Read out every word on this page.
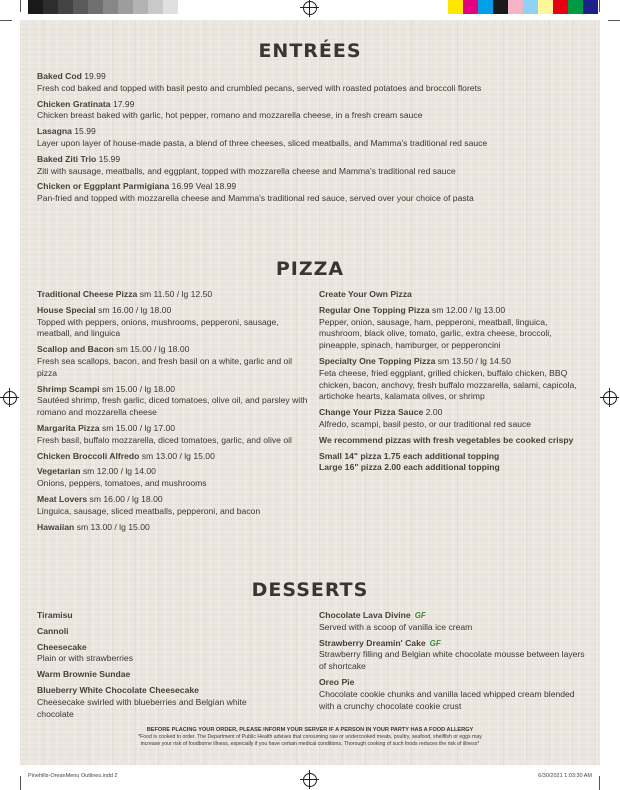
ENTRÉES
Baked Cod 19.99
Fresh cod baked and topped with basil pesto and crumbled pecans, served with roasted potatoes and broccoli florets
Chicken Gratinata 17.99
Chicken breast baked with garlic, hot pepper, romano and mozzarella cheese, in a fresh cream sauce
Lasagna 15.99
Layer upon layer of house-made pasta, a blend of three cheeses, sliced meatballs, and Mamma's traditional red sauce
Baked Ziti Trio 15.99
Ziti with sausage, meatballs, and eggplant, topped with mozzarella cheese and Mamma's traditional red sauce
Chicken or Eggplant Parmigiana 16.99 Veal 18.99
Pan-fried and topped with mozzarella cheese and Mamma's traditional red sauce, served over your choice of pasta
PIZZA
Traditional Cheese Pizza sm 11.50 / lg 12.50
House Special sm 16.00 / lg 18.00
Topped with peppers, onions, mushrooms, pepperoni, sausage, meatball, and linguica
Scallop and Bacon sm 15.00 / lg 18.00
Fresh sea scallops, bacon, and fresh basil on a white, garlic and oil pizza
Shrimp Scampi sm 15.00 / lg 18.00
Sautéed shrimp, fresh garlic, diced tomatoes, olive oil, and parsley with romano and mozzarella cheese
Margarita Pizza sm 15.00 / lg 17.00
Fresh basil, buffalo mozzarella, diced tomatoes, garlic, and olive oil
Chicken Broccoli Alfredo sm 13.00 / lg 15.00
Vegetarian sm 12.00 / lg 14.00
Onions, peppers, tomatoes, and mushrooms
Meat Lovers sm 16.00 / lg 18.00
Linguica, sausage, sliced meatballs, pepperoni, and bacon
Hawaiian sm 13.00 / lg 15.00
Create Your Own Pizza
Regular One Topping Pizza sm 12.00 / lg 13.00
Pepper, onion, sausage, ham, pepperoni, meatball, linguica, mushroom, black olive, tomato, garlic, extra cheese, broccoli, pineapple, spinach, hamburger, or pepperoncini
Specialty One Topping Pizza sm 13.50 / lg 14.50
Feta cheese, fried eggplant, grilled chicken, buffalo chicken, BBQ chicken, bacon, anchovy, fresh buffalo mozzarella, salami, capicola, artichoke hearts, kalamata olives, or shrimp
Change Your Pizza Sauce 2.00
Alfredo, scampi, basil pesto, or our traditional red sauce
We recommend pizzas with fresh vegetables be cooked crispy
Small 14" pizza 1.75 each additional topping
Large 16" pizza 2.00 each additional topping
DESSERTS
Tiramisu
Cannoli
Cheesecake
Plain or with strawberries
Warm Brownie Sundae
Blueberry White Chocolate Cheesecake
Cheesecake swirled with blueberries and Belgian white chocolate
Chocolate Lava Divine GF
Served with a scoop of vanilla ice cream
Strawberry Dreamin' Cake GF
Strawberry filling and Belgian white chocolate mousse between layers of shortcake
Oreo Pie
Chocolate cookie chunks and vanilla laced whipped cream blended with a crunchy chocolate cookie crust
BEFORE PLACING YOUR ORDER, PLEASE INFORM YOUR SERVER IF A PERSON IN YOUR PARTY HAS A FOOD ALLERGY
*Food is cooked to order. The Department of Public Health advises that consuming raw or undercooked meats, poultry, seafood, shellfish or eggs may
increase your risk of foodborne illness, especially if you have certain medical conditions. Thorough cooking of such foods reduces the risk of illness*
Pinehills-OreanMenu Outlines.indd 2	6/30/2021 1:03:30 AM
